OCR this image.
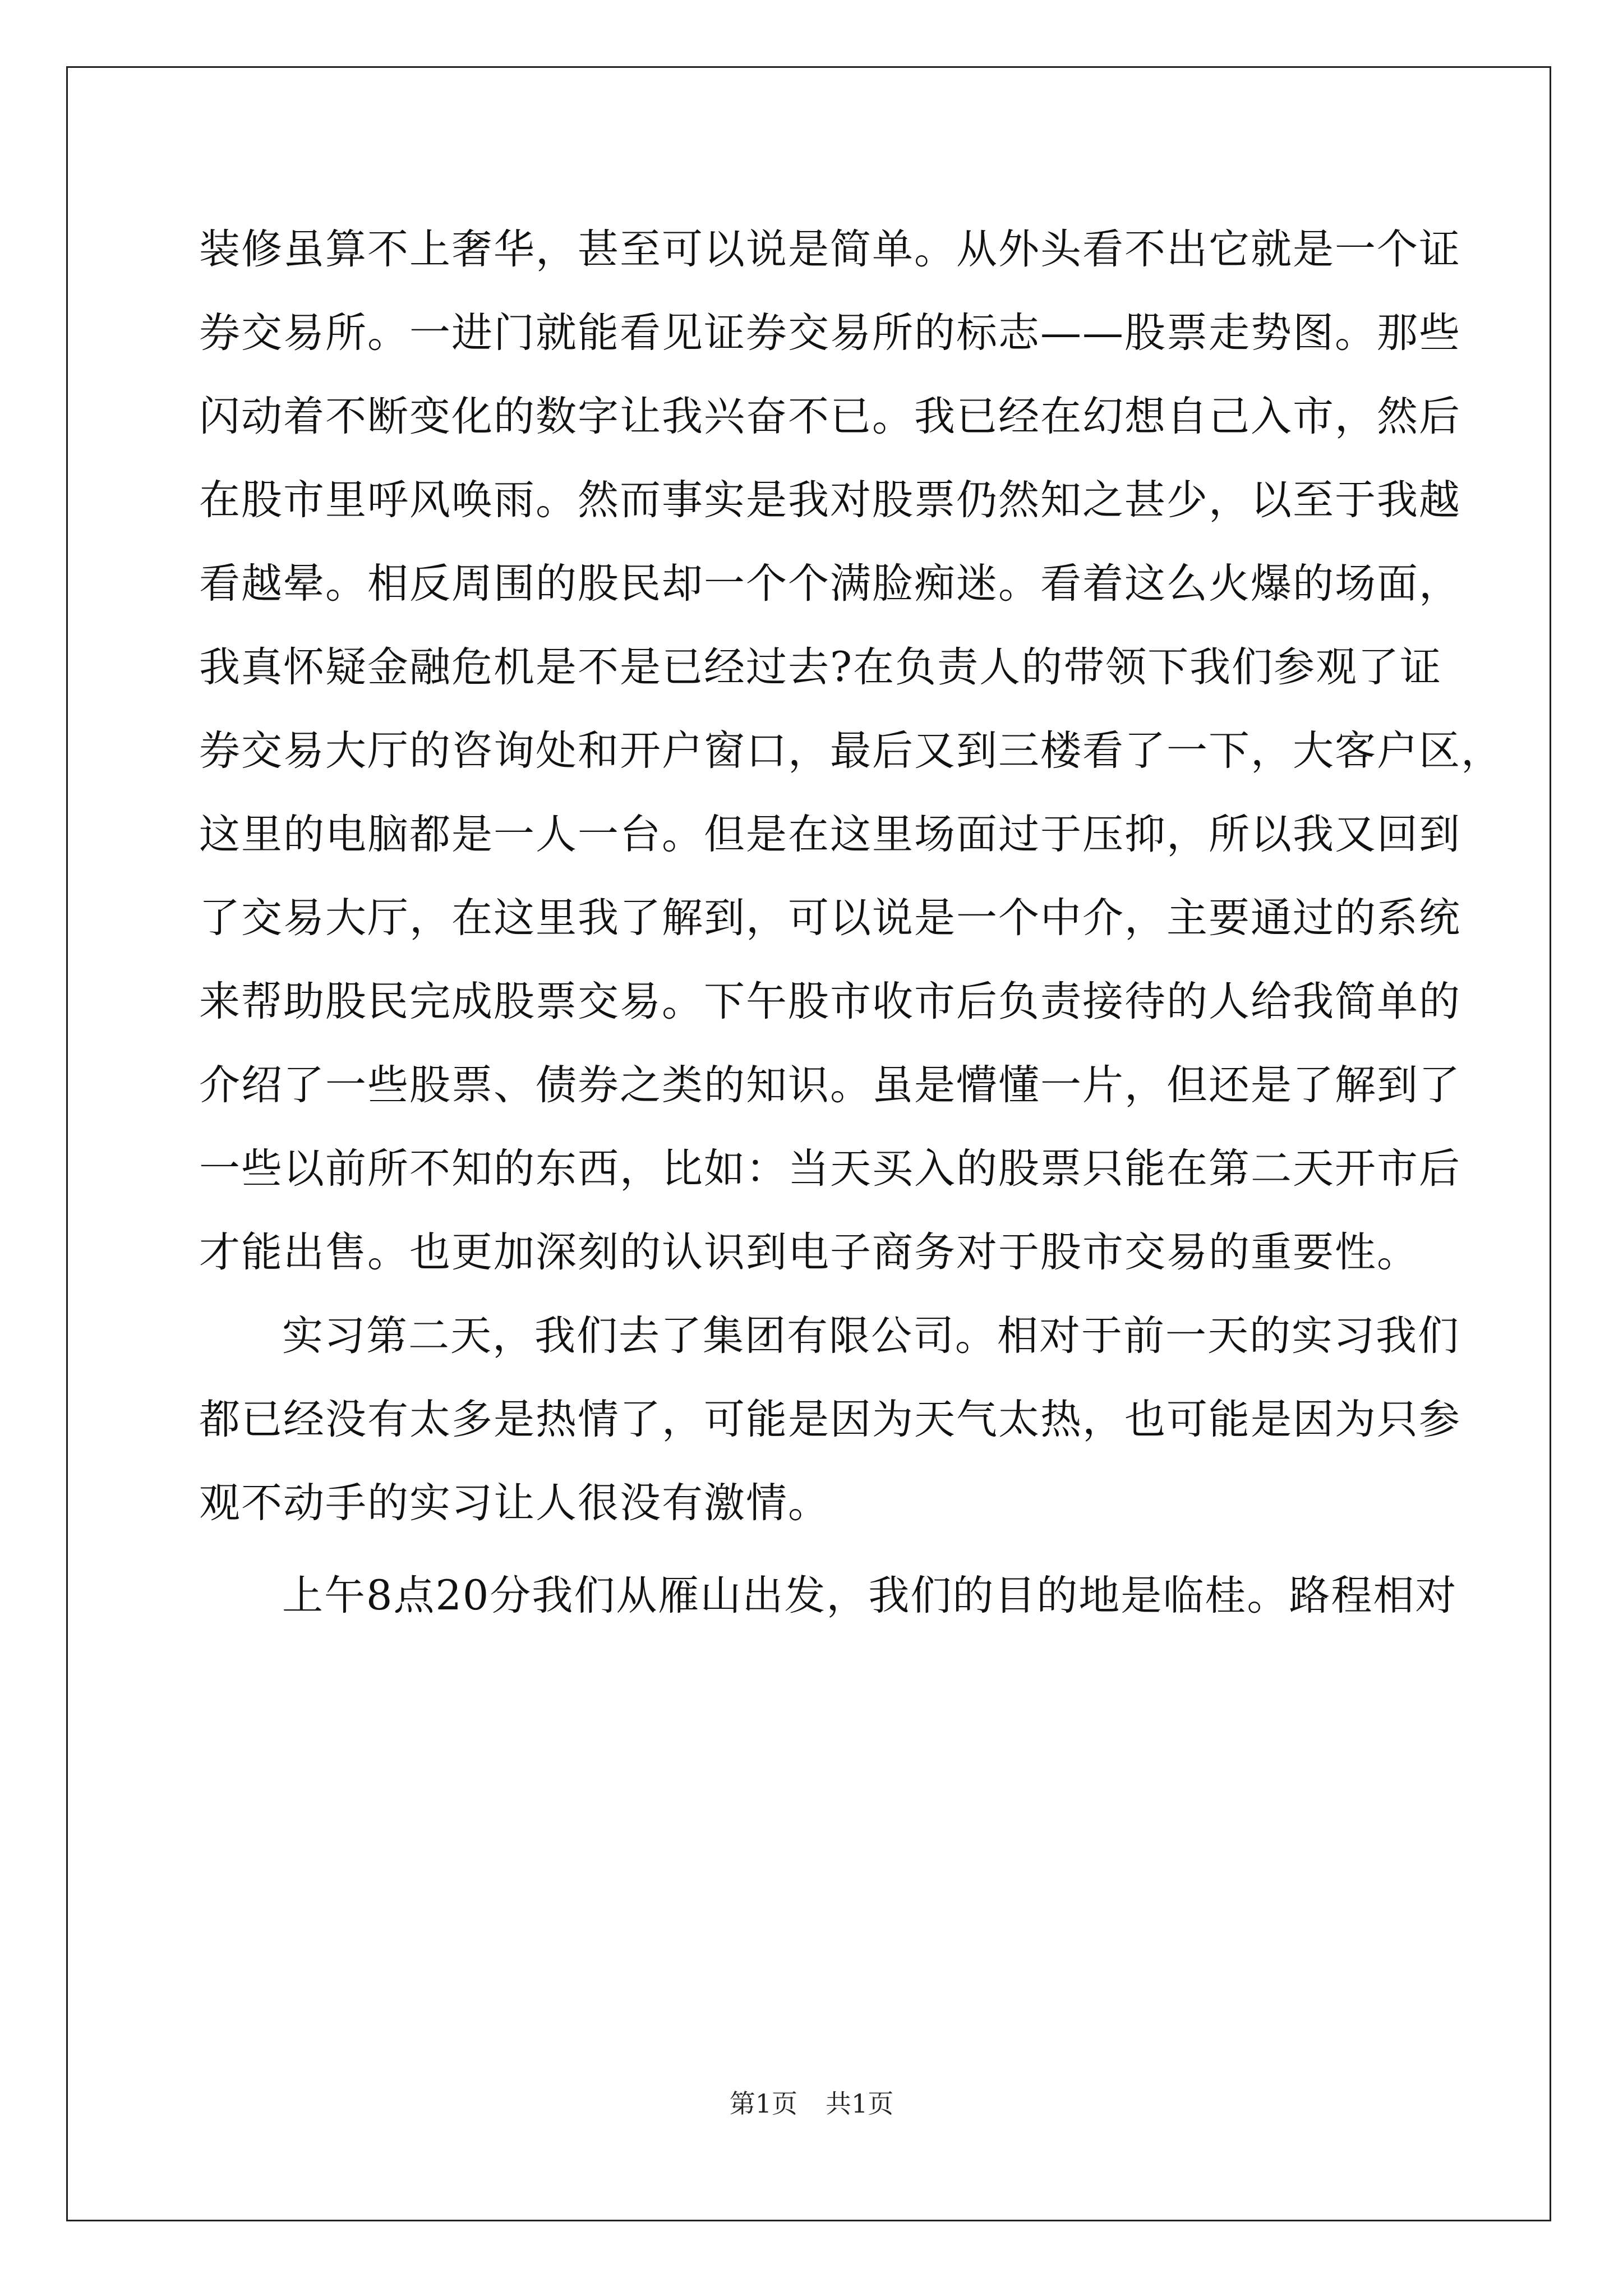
装修虽算不上奢华，甚至可以说是简单。从外头看不出它就是一个证
券交易所。一进门就能看见证券交易所的标志——股票走势图。那些
闪动着不断变化的数字让我兴奋不已。我已经在幻想自己入市，然后
在股市里呼风唤雨。然而事实是我对股票仍然知之甚少，以至于我越
看越晕。相反周围的股民却一个个满脸痴迷。看着这么火爆的场面，
我真怀疑金融危机是不是已经过去?在负责人的带领下我们参观了证
券交易大厅的咨询处和开户窗口，最后又到三楼看了一下，大客户区，
这里的电脑都是一人一台。但是在这里场面过于压抑，所以我又回到
了交易大厅，在这里我了解到，可以说是一个中介，主要通过的系统
来帮助股民完成股票交易。下午股市收市后负责接待的人给我简单的
介绍了一些股票、债券之类的知识。虽是懵懂一片，但还是了解到了
一些以前所不知的东西，比如：当天买入的股票只能在第二天开市后
才能出售。也更加深刻的认识到电子商务对于股市交易的重要性。
实习第二天，我们去了集团有限公司。相对于前一天的实习我们
都已经没有太多是热情了，可能是因为天气太热，也可能是因为只参
观不动手的实习让人很没有激情。
上午8点20分我们从雁山出发，我们的目的地是临桂。路程相对
第1页 共1页
